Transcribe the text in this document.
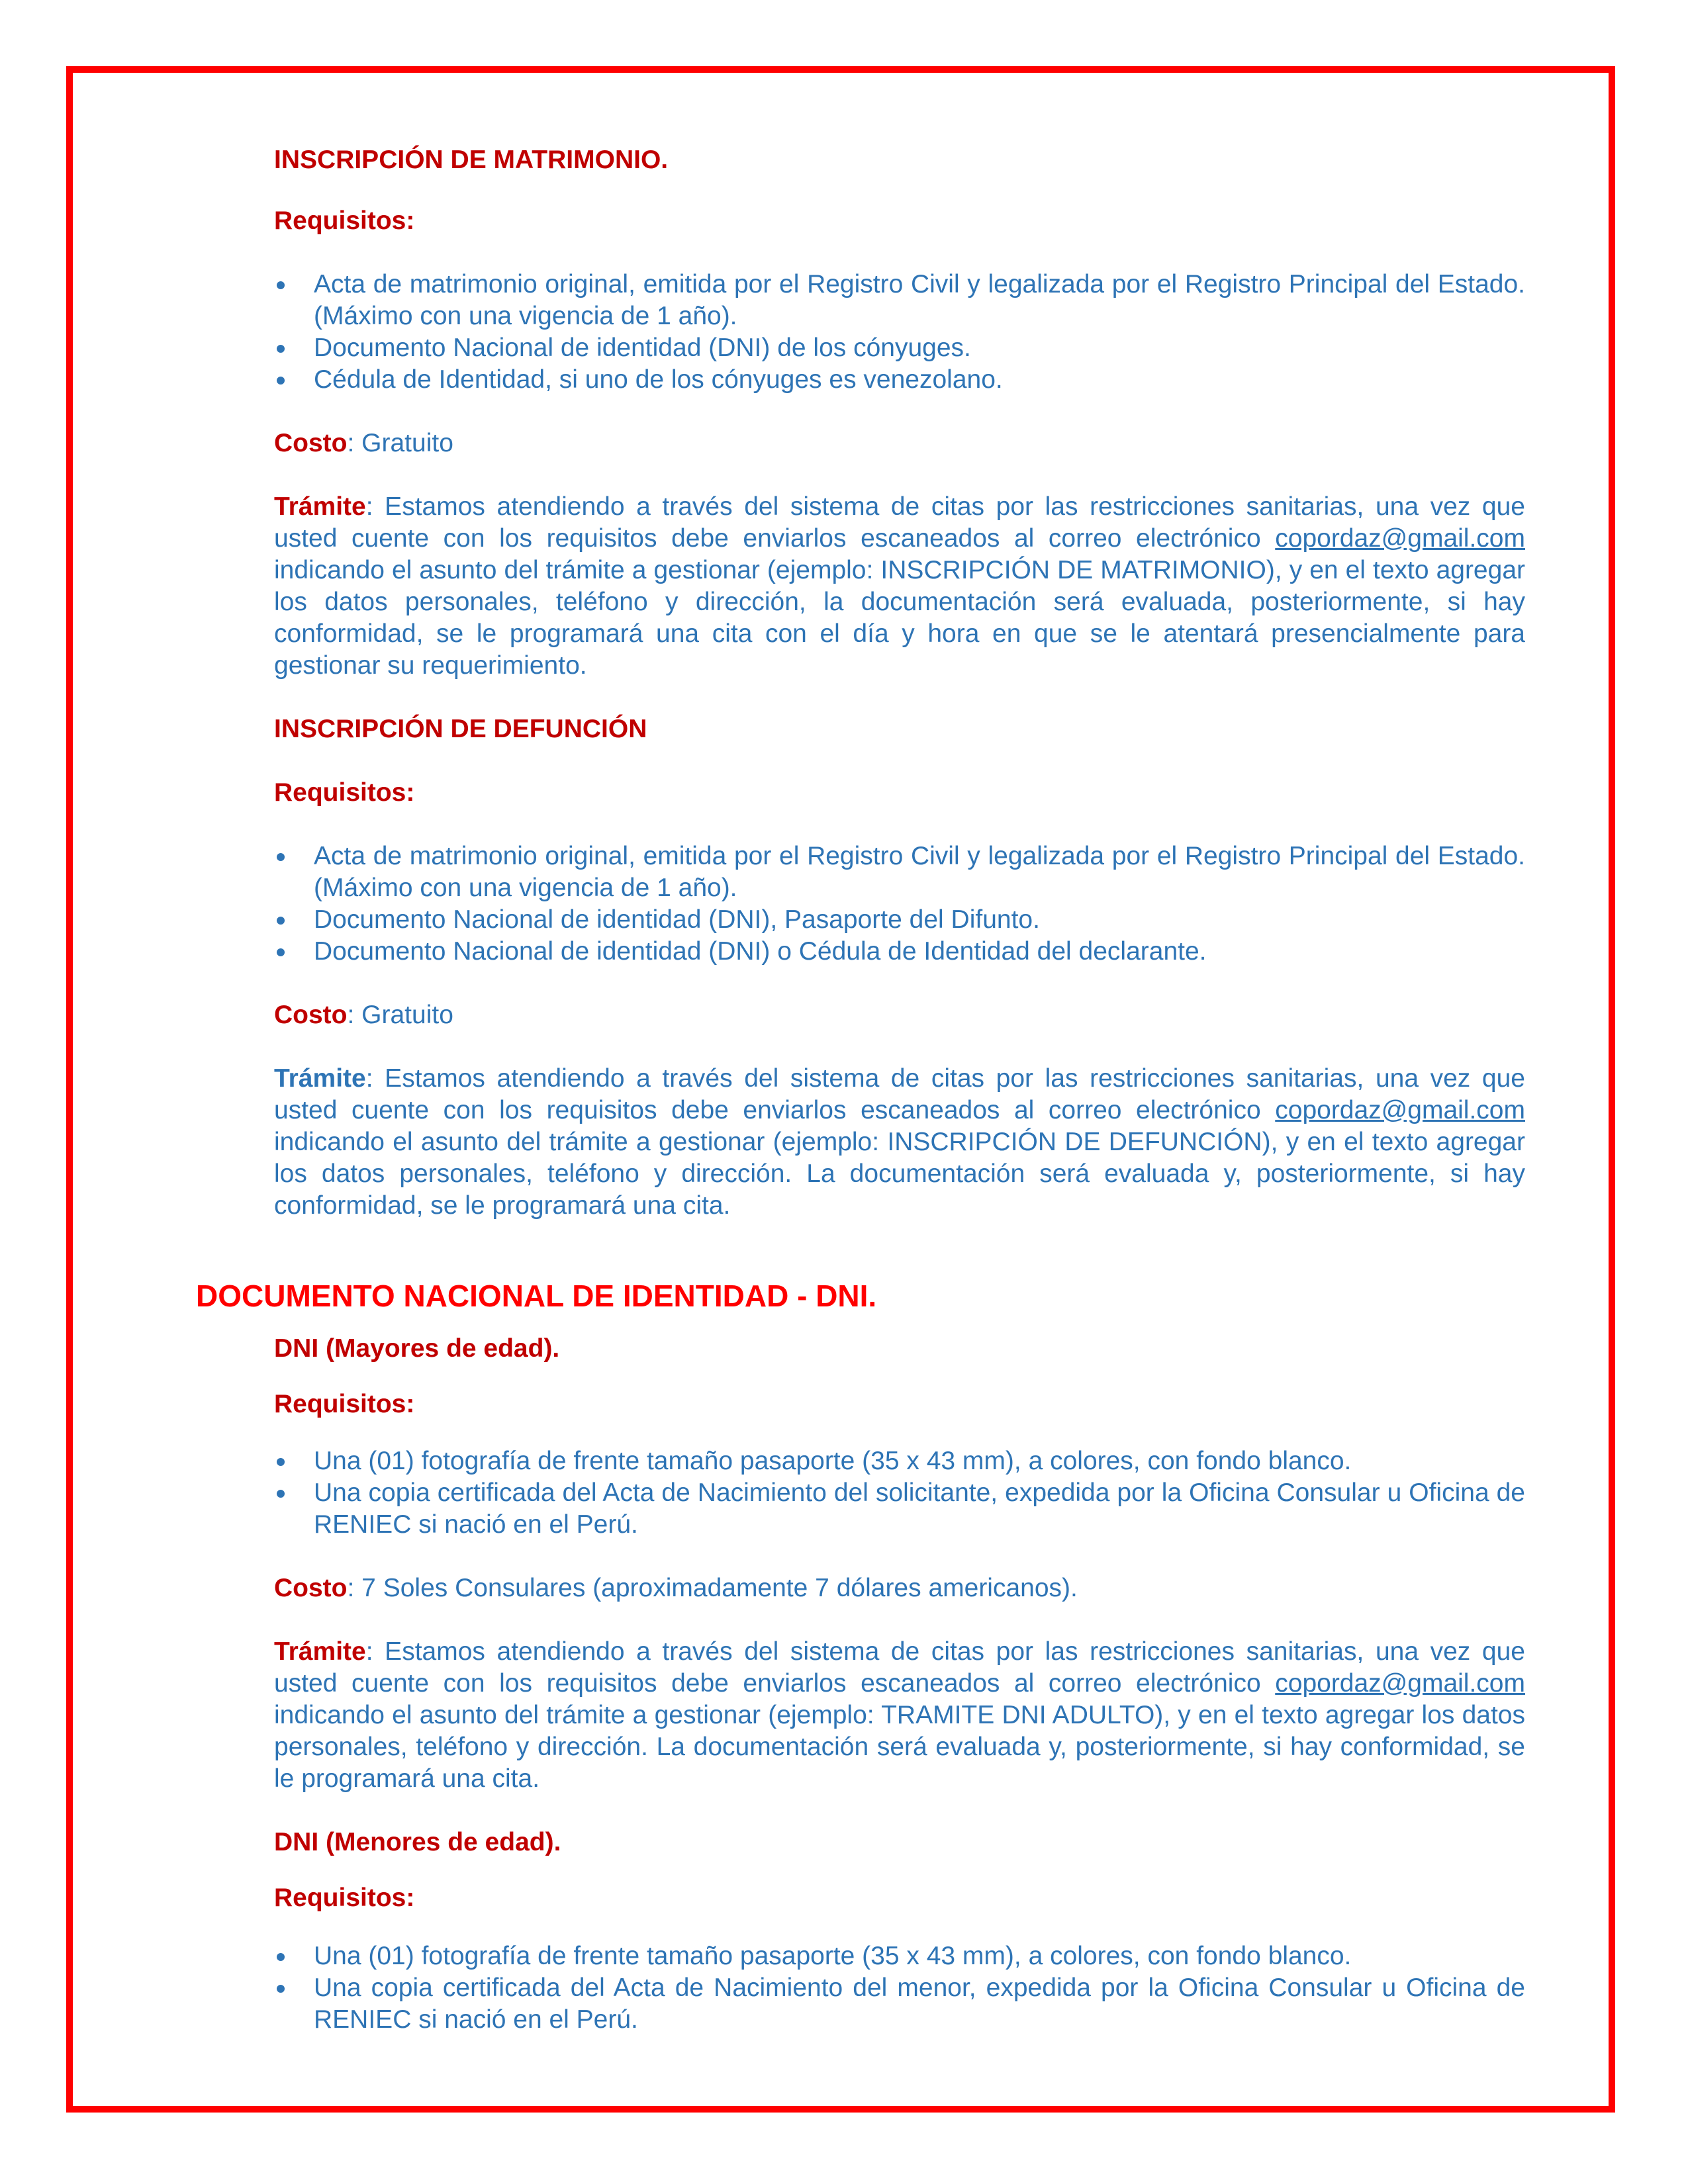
INSCRIPCIÓN DE MATRIMONIO.

Requisitos:

Acta de matrimonio original, emitida por el Registro Civil y legalizada por el Registro Principal del Estado. (Máximo con una vigencia de 1 año).
Documento Nacional de identidad (DNI) de los cónyuges.
Cédula de Identidad, si uno de los cónyuges es venezolano.

Costo: Gratuito

Trámite: Estamos atendiendo a través del sistema de citas por las restricciones sanitarias, una vez que usted cuente con los requisitos debe enviarlos escaneados al correo electrónico copordaz@gmail.com indicando el asunto del trámite a gestionar (ejemplo: INSCRIPCIÓN DE MATRIMONIO), y en el texto agregar los datos personales, teléfono y dirección, la documentación será evaluada, posteriormente, si hay conformidad, se le programará una cita con el día y hora en que se le atentará presencialmente para gestionar su requerimiento.

INSCRIPCIÓN DE DEFUNCIÓN

Requisitos:

Acta de matrimonio original, emitida por el Registro Civil y legalizada por el Registro Principal del Estado. (Máximo con una vigencia de 1 año).
Documento Nacional de identidad (DNI), Pasaporte del Difunto.
Documento Nacional de identidad (DNI) o Cédula de Identidad del declarante.

Costo: Gratuito

Trámite: Estamos atendiendo a través del sistema de citas por las restricciones sanitarias, una vez que usted cuente con los requisitos debe enviarlos escaneados al correo electrónico copordaz@gmail.com indicando el asunto del trámite a gestionar (ejemplo: INSCRIPCIÓN DE DEFUNCIÓN), y en el texto agregar los datos personales, teléfono y dirección. La documentación será evaluada y, posteriormente, si hay conformidad, se le programará una cita.

DOCUMENTO NACIONAL DE IDENTIDAD - DNI.

DNI (Mayores de edad).

Requisitos:

Una (01) fotografía de frente tamaño pasaporte (35 x 43 mm), a colores, con fondo blanco.
Una copia certificada del Acta de Nacimiento del solicitante, expedida por la Oficina Consular u Oficina de RENIEC si nació en el Perú.

Costo: 7 Soles Consulares (aproximadamente 7 dólares americanos).

Trámite: Estamos atendiendo a través del sistema de citas por las restricciones sanitarias, una vez que usted cuente con los requisitos debe enviarlos escaneados al correo electrónico copordaz@gmail.com indicando el asunto del trámite a gestionar (ejemplo: TRAMITE DNI ADULTO), y en el texto agregar los datos personales, teléfono y dirección. La documentación será evaluada y, posteriormente, si hay conformidad, se le programará una cita.

DNI (Menores de edad).

Requisitos:

Una (01) fotografía de frente tamaño pasaporte (35 x 43 mm), a colores, con fondo blanco.
Una copia certificada del Acta de Nacimiento del menor, expedida por la Oficina Consular u Oficina de RENIEC si nació en el Perú.
